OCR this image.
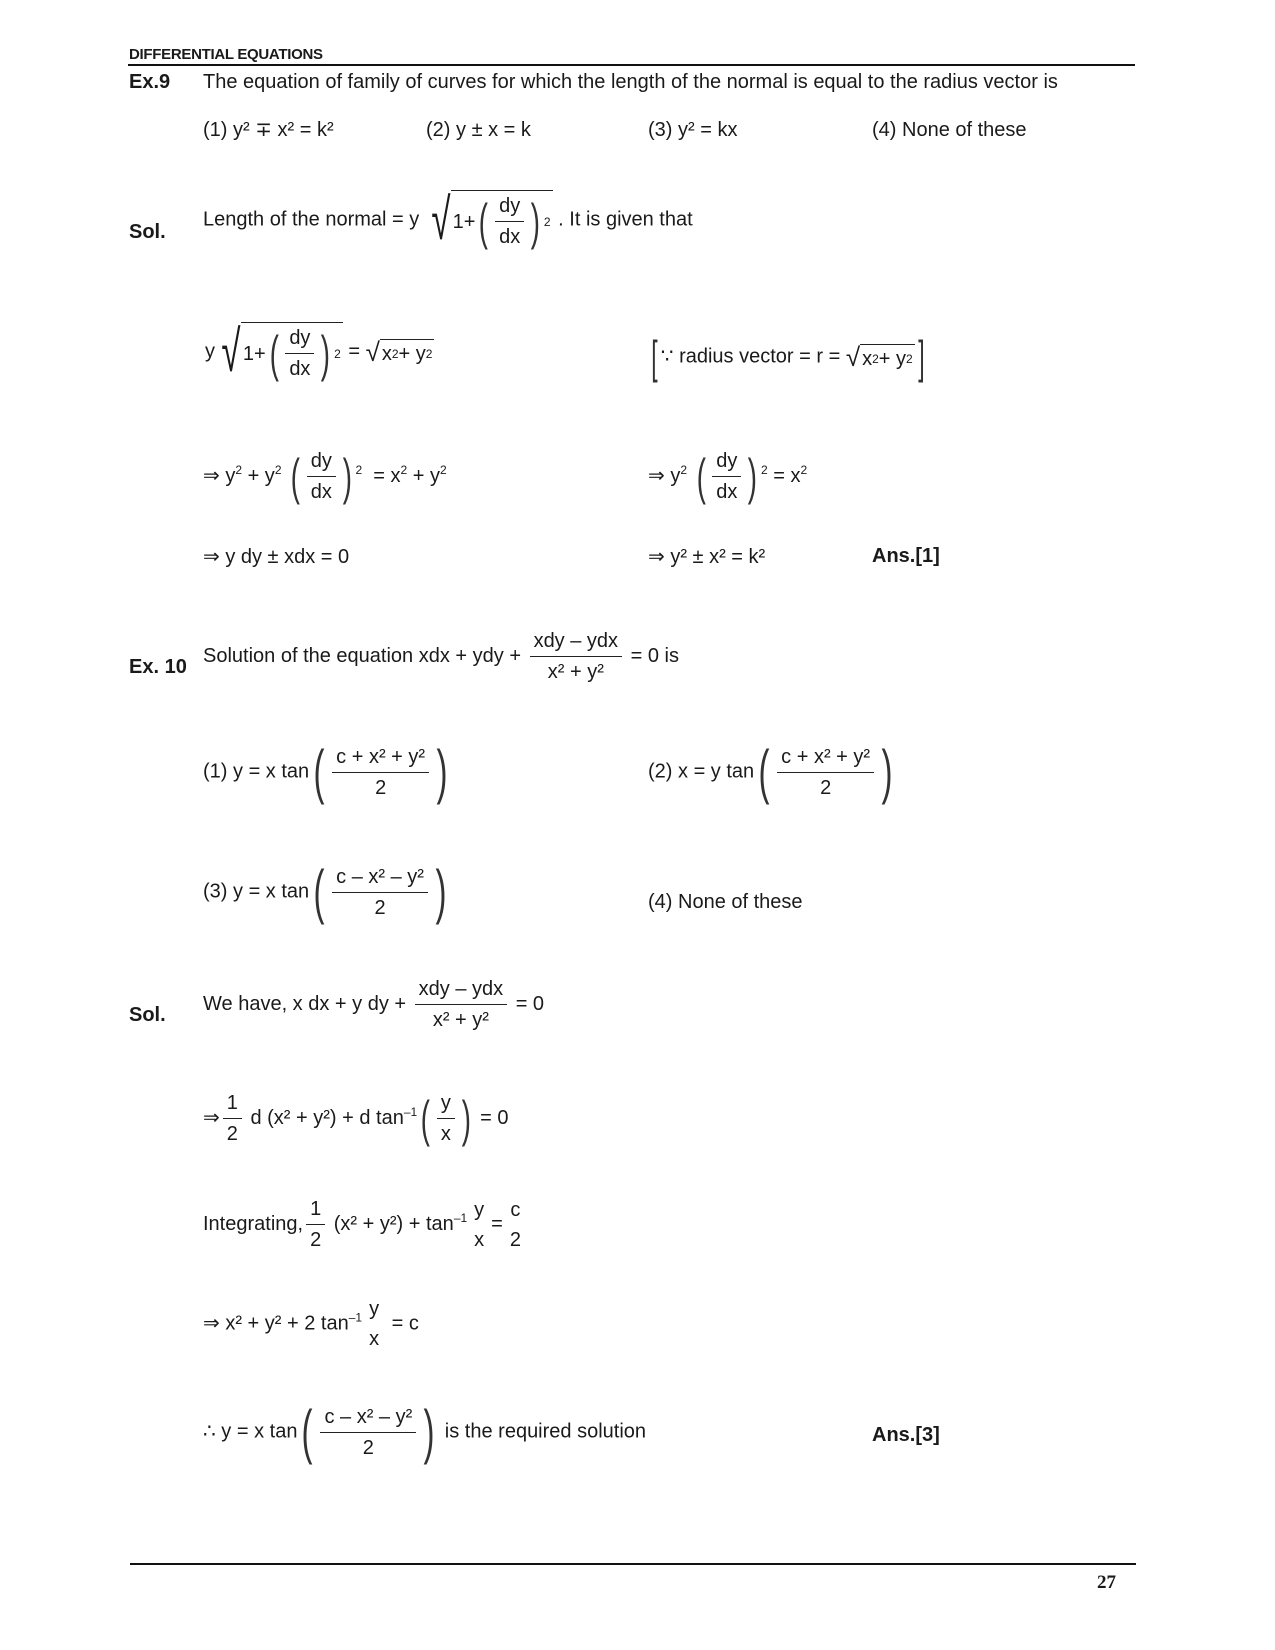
DIFFERENTIAL EQUATIONS
Ex.9 The equation of family of curves for which the length of the normal is equal to the radius vector is
(1) y² ∓ x² = k²	(2) y ± x = k	(3) y² = kx	(4) None of these
Sol.
Length of the normal = y √ 1+ ( $\frac{dy}{dx}$ ) 2 . It is given that
y √ 1+ ( $\frac{dy}{dx}$ ) 2 = √ x 2 + y 2	[ ∵ radius vector = r = √ x 2 + y 2 ]
⇒ $y^2 + y^2$ ( $\frac{dy}{dx}$ ) $^2 = x^2 + y^2$	⇒ $y^2$ ( $\frac{dy}{dx}$ ) $^2 = x^2$
⇒ y dy ± xdx = 0	⇒ y² ± x² = k²	Ans.[1]
Ex. 10
Solution of the equation xdx + ydy + $\frac{\text{xdy – ydx}}{\text{x² + y²}} = 0$ is
(1) y = x $\tan( \frac{\text{c + x² + y²}}{2}$ )	(2) x = y $\tan( \frac{\text{c + x² + y²}}{2}$ )
(3) y = x $\tan( \frac{\text{c – x² – y²}}{2}$ )	(4) None of these
Sol.
We have, x dx + y dy + $\frac{\text{xdy – ydx}}{\text{x² + y²}} = 0$
⇒ $\frac{1}{2}$ d (x² + y²) + d $\tan^{-1}( \frac{y}{x}$ ) = 0
Integrating, $\frac{1}{2} (x^2 + y^2) + \tan^{-1} y$
x
=
c
2
⇒ x² + y² + 2 $\tan^{-1} y$
x
= c
∴ y = x $\tan( \frac{\text{c – x² – y²}}{2}$ ) is the required solution	Ans.[3]
27
